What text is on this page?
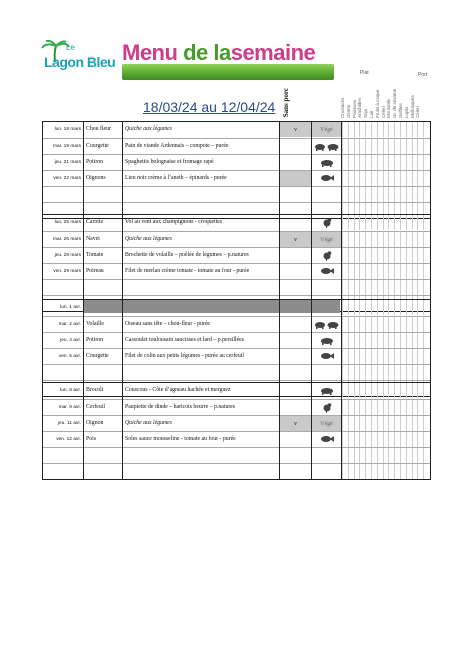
Le
Lagon Bleu Menu de lasemaine
18/03/24 au 12/04/24 Sans porc
Plat	Port
Crustacés Gluten Poissons Arachides Soja Lait Fruits à coque Céleri Moutarde Gr. de sésame Sulfites Lupin Mollusques Céleri
lun. 18 mars Chou fleur	Quiche aux légumes	v	Végé
mar. 19 mars Courgette	Pain de viande Ardennais – compote – purée
jeu. 21 mars Potiron	Spaghettis bolognaise et fromage rapé
ven. 22 mars Oignons	Lieu noir crème à l’aneth – épinards - purée
lun. 25 mars Carotte	Vol au vent aux champignons - croquettes
mar. 26 mars Navet	Quiche aux légumes	v	Végé
jeu. 28 mars Tomate	Brochette de volaille – poêlée de légumes – p.natures
ven. 29 mars Poireau	Filet de merlan crème tomate - tomate au four - purée
lun. 1 avr.
mar. 2 avr. Volaille	Oiseau sans tête – chou-fleur - purée
jeu. 4 avr. Potiron	Cassoulet toulousain saucisses et lard – p.persillées
ven. 5 avr. Courgette	Filet de colin aux petits légumes - purée au cerfeuil
lun. 8 avr. Brocoli	Couscous - Côte d’agneau hachée et merguez
mar. 9 avr. Cerfeuil	Paupiette de dinde – haricots beurre – p.natures
jeu. 11 avr. Oignon	Quiche aux légumes	v	Végé
ven. 12 avr. Pois	Soles sauce mousseline - tomate au four - purée
